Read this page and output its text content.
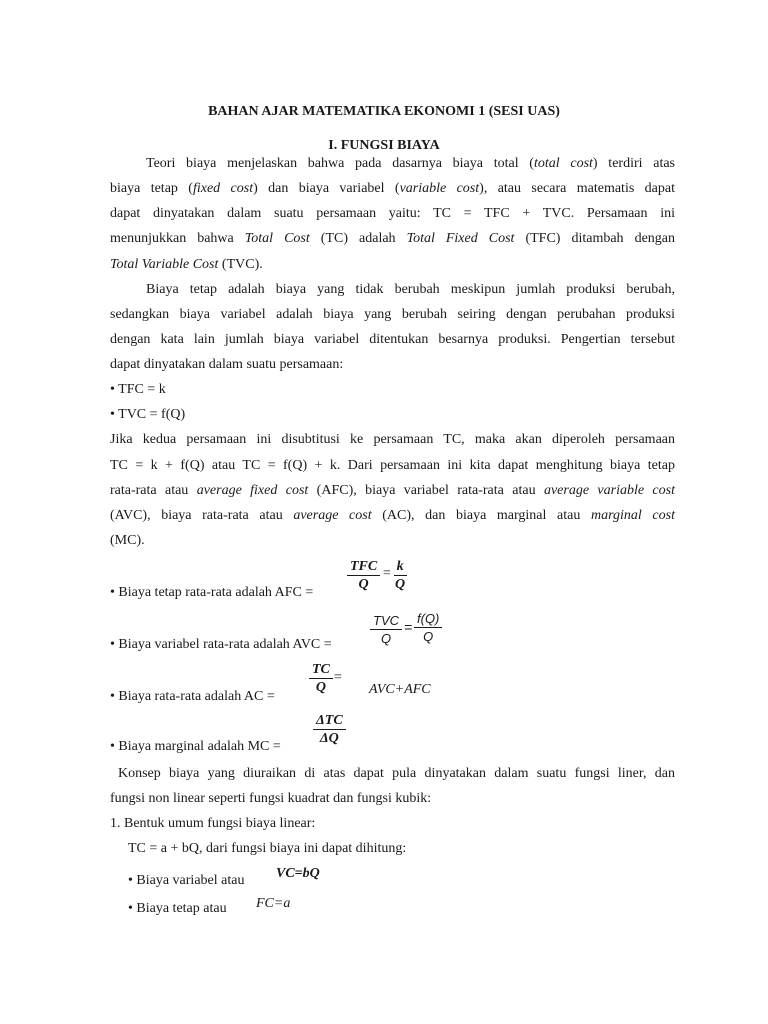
BAHAN AJAR MATEMATIKA EKONOMI 1 (SESI UAS)
I. FUNGSI BIAYA
Teori biaya menjelaskan bahwa pada dasarnya biaya total (total cost) terdiri atas
biaya tetap (fixed cost) dan biaya variabel (variable cost), atau secara matematis dapat
dapat dinyatakan dalam suatu persamaan yaitu: TC = TFC + TVC. Persamaan ini
menunjukkan bahwa Total Cost (TC) adalah Total Fixed Cost (TFC) ditambah dengan
Total Variable Cost (TVC).
Biaya tetap adalah biaya yang tidak berubah meskipun jumlah produksi berubah,
sedangkan biaya variabel adalah biaya yang berubah seiring dengan perubahan produksi
dengan kata lain jumlah biaya variabel ditentukan besarnya produksi. Pengertian tersebut
dapat dinyatakan dalam suatu persamaan:
• TFC = k
• TVC = f(Q)
Jika kedua persamaan ini disubtitusi ke persamaan TC, maka akan diperoleh persamaan
TC = k + f(Q) atau TC = f(Q) + k. Dari persamaan ini kita dapat menghitung biaya tetap
rata-rata atau average fixed cost (AFC), biaya variabel rata-rata atau average variable cost
(AVC), biaya rata-rata atau average cost (AC), dan biaya marginal atau marginal cost
(MC).
• Biaya tetap rata-rata adalah AFC =
TFC
Q
= $\frac{k}{Q}$
• Biaya variabel rata-rata adalah AVC =
TVC
Q
= $\frac{f(Q)}{Q}$
• Biaya rata-rata adalah AC =
$\frac{TC}{Q}$ =
AVC+AFC
• Biaya marginal adalah MC =
ΔTC
ΔQ
Konsep biaya yang diuraikan di atas dapat pula dinyatakan dalam suatu fungsi liner, dan
fungsi non linear seperti fungsi kuadrat dan fungsi kubik:
1. Bentuk umum fungsi biaya linear:
TC = a + bQ, dari fungsi biaya ini dapat dihitung:
• Biaya variabel atau VC=bQ
• Biaya tetap atau FC=a
